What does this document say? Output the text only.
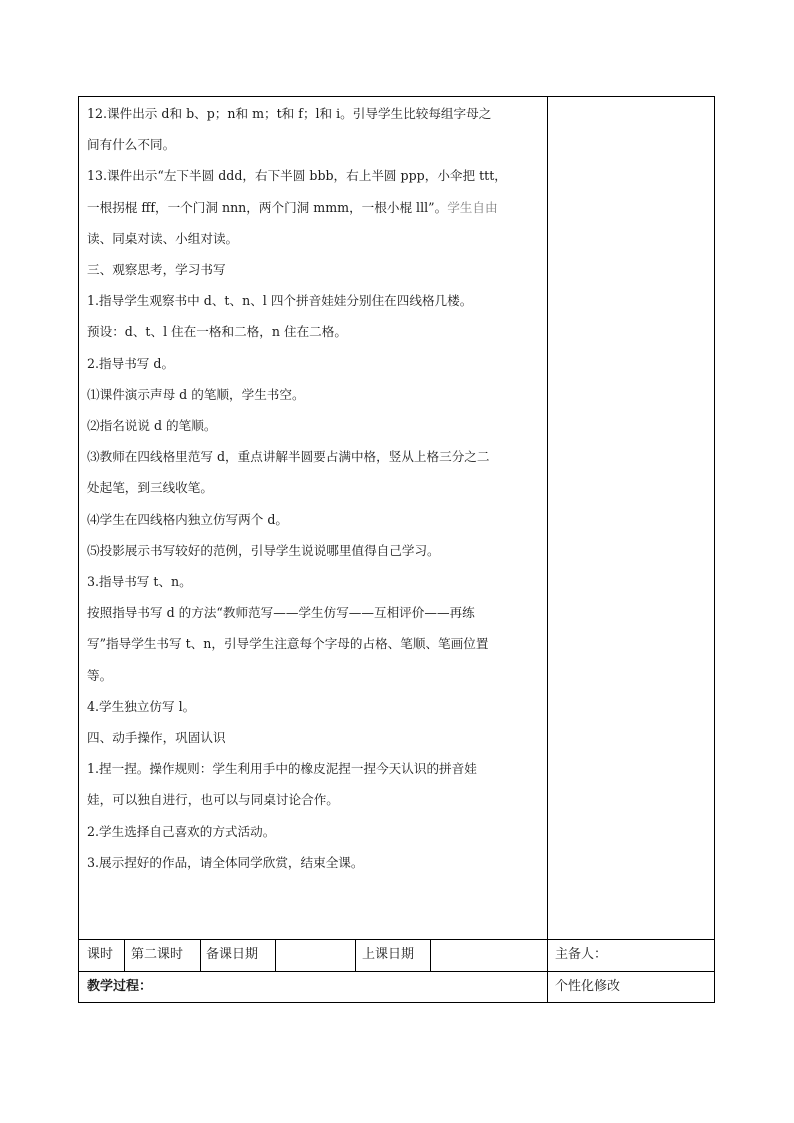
12.课件出示 d和 b、p；n和 m；t和 f；l和 i。引导学生比较每组字母之
间有什么不同。
13.课件出示“左下半圆 ddd，右下半圆 bbb，右上半圆 ppp，小伞把 ttt，
一根拐棍 fff，一个门洞 nnn，两个门洞 mmm，一根小棍 lll”。学生自由
读、同桌对读、小组对读。
三、观察思考，学习书写
1.指导学生观察书中 d、t、n、l 四个拼音娃娃分别住在四线格几楼。
预设：d、t、l 住在一格和二格，n 住在二格。
2.指导书写 d。
⑴课件演示声母 d 的笔顺，学生书空。
⑵指名说说 d 的笔顺。
⑶教师在四线格里范写 d，重点讲解半圆要占满中格，竖从上格三分之二
处起笔，到三线收笔。
⑷学生在四线格内独立仿写两个 d。
⑸投影展示书写较好的范例，引导学生说说哪里值得自己学习。
3.指导书写 t、n。
按照指导书写 d 的方法“教师范写——学生仿写——互相评价——再练
写”指导学生书写 t、n，引导学生注意每个字母的占格、笔顺、笔画位置
等。
4.学生独立仿写 l。
四、动手操作，巩固认识
1.捏一捏。操作规则：学生利用手中的橡皮泥捏一捏今天认识的拼音娃
娃，可以独自进行，也可以与同桌讨论合作。
2.学生选择自己喜欢的方式活动。
3.展示捏好的作品，请全体同学欣赏，结束全课。
课时 第二课时 备课日期	上课日期	主备人：
教学过程：	个性化修改
